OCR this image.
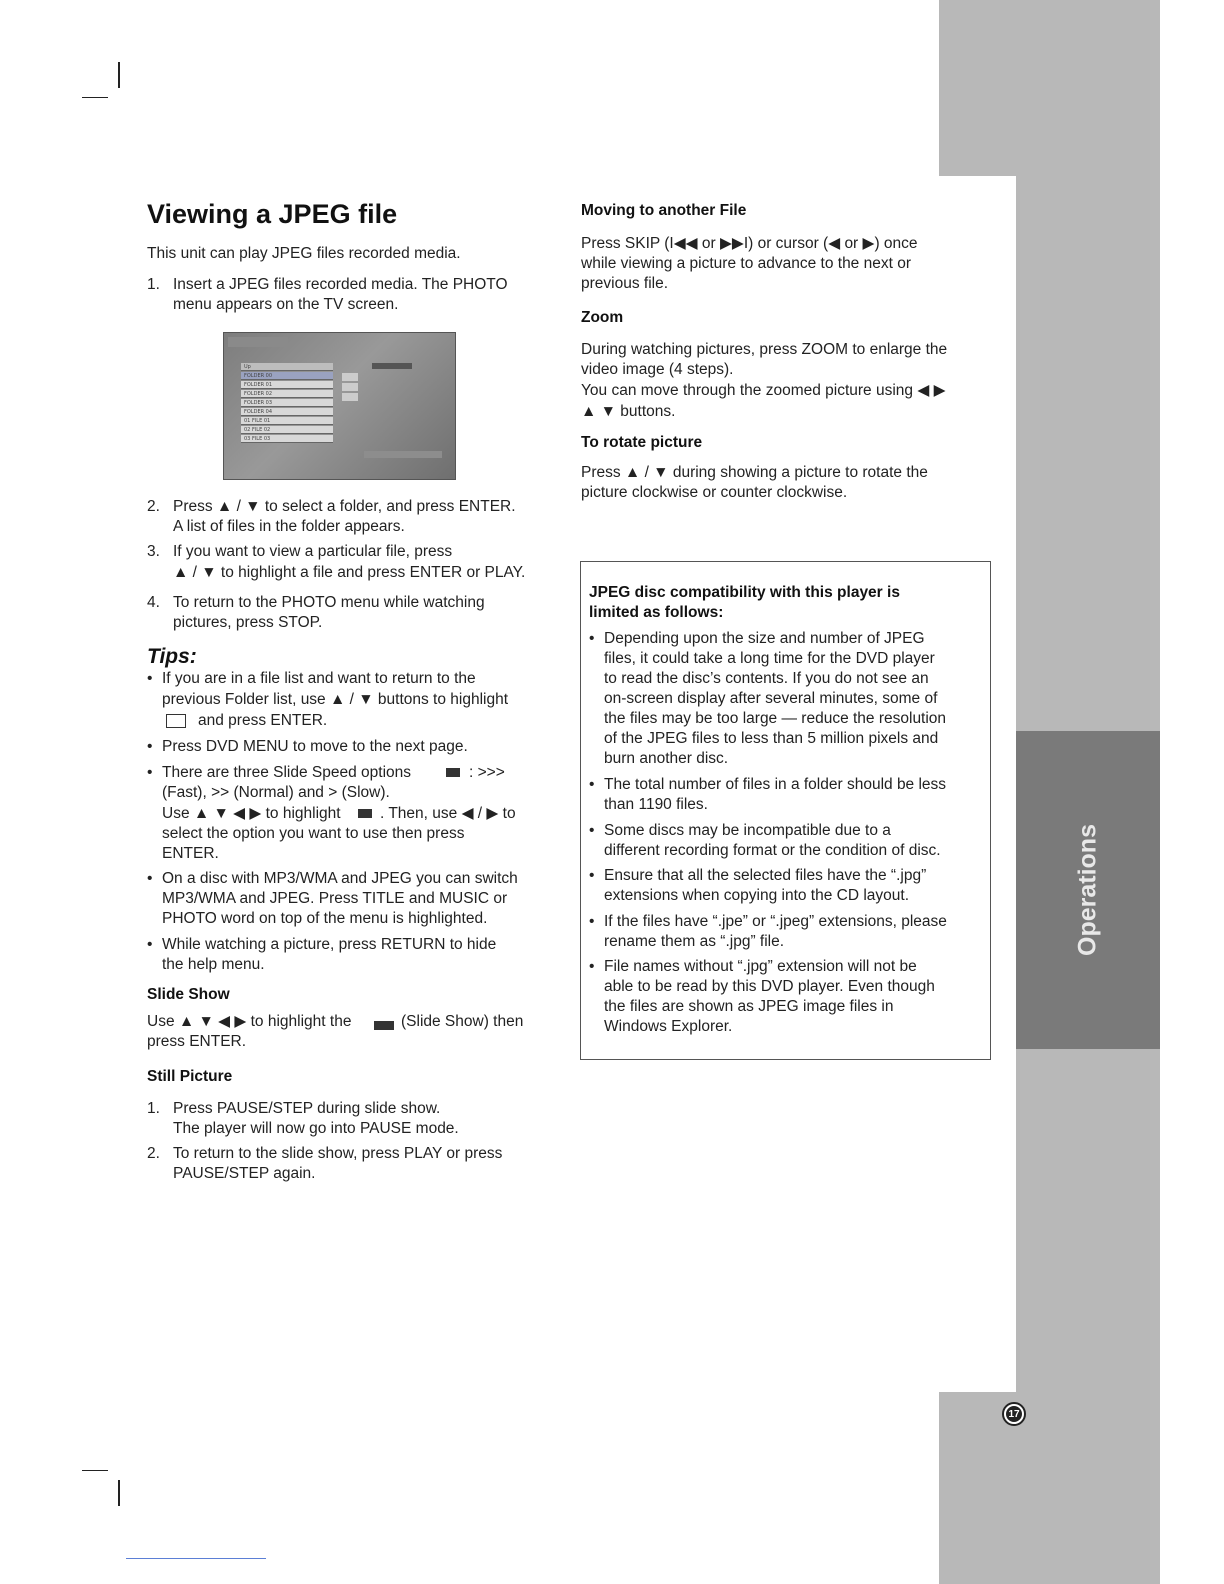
Operations
17
Viewing a JPEG file
This unit can play JPEG files recorded media.
1. Insert a JPEG files recorded media. The PHOTO
menu appears on the TV screen.
Up
FOLDER 00
FOLDER 01
FOLDER 02
FOLDER 03
FOLDER 04
01 FILE 01
02 FILE 02
03 FILE 03
2. Press ▲ / ▼ to select a folder, and press ENTER.
A list of files in the folder appears.
3. If you want to view a particular file, press
▲ / ▼ to highlight a file and press ENTER or PLAY.
4. To return to the PHOTO menu while watching
pictures, press STOP.
Tips:
• If you are in a file list and want to return to the
previous Folder list, use ▲ / ▼ buttons to highlight
and press ENTER.
• Press DVD MENU to move to the next page.
• There are three Slide Speed options	: >>>
(Fast), >> (Normal) and > (Slow).
Use ▲ ▼ ◀ ▶ to highlight	. Then, use ◀ / ▶ to
select the option you want to use then press
ENTER.
• On a disc with MP3/WMA and JPEG you can switch
MP3/WMA and JPEG. Press TITLE and MUSIC or
PHOTO word on top of the menu is highlighted.
• While watching a picture, press RETURN to hide
the help menu.
Slide Show
Use ▲ ▼ ◀ ▶ to highlight the	(Slide Show) then
press ENTER.
Still Picture
1. Press PAUSE/STEP during slide show.
The player will now go into PAUSE mode.
2. To return to the slide show, press PLAY or press
PAUSE/STEP again.
Moving to another File
Press SKIP (I◀◀ or ▶▶I) or cursor (◀ or ▶) once
while viewing a picture to advance to the next or
previous file.
Zoom
During watching pictures, press ZOOM to enlarge the
video image (4 steps).
You can move through the zoomed picture using ◀ ▶
▲ ▼ buttons.
To rotate picture
Press ▲ / ▼ during showing a picture to rotate the
picture clockwise or counter clockwise.
JPEG disc compatibility with this player is
limited as follows:
• Depending upon the size and number of JPEG
files, it could take a long time for the DVD player
to read the disc’s contents. If you do not see an
on-screen display after several minutes, some of
the files may be too large — reduce the resolution
of the JPEG files to less than 5 million pixels and
burn another disc.
• The total number of files in a folder should be less
than 1190 files.
• Some discs may be incompatible due to a
different recording format or the condition of disc.
• Ensure that all the selected files have the “.jpg”
extensions when copying into the CD layout.
• If the files have “.jpe” or “.jpeg” extensions, please
rename them as “.jpg” file.
• File names without “.jpg” extension will not be
able to be read by this DVD player. Even though
the files are shown as JPEG image files in
Windows Explorer.
